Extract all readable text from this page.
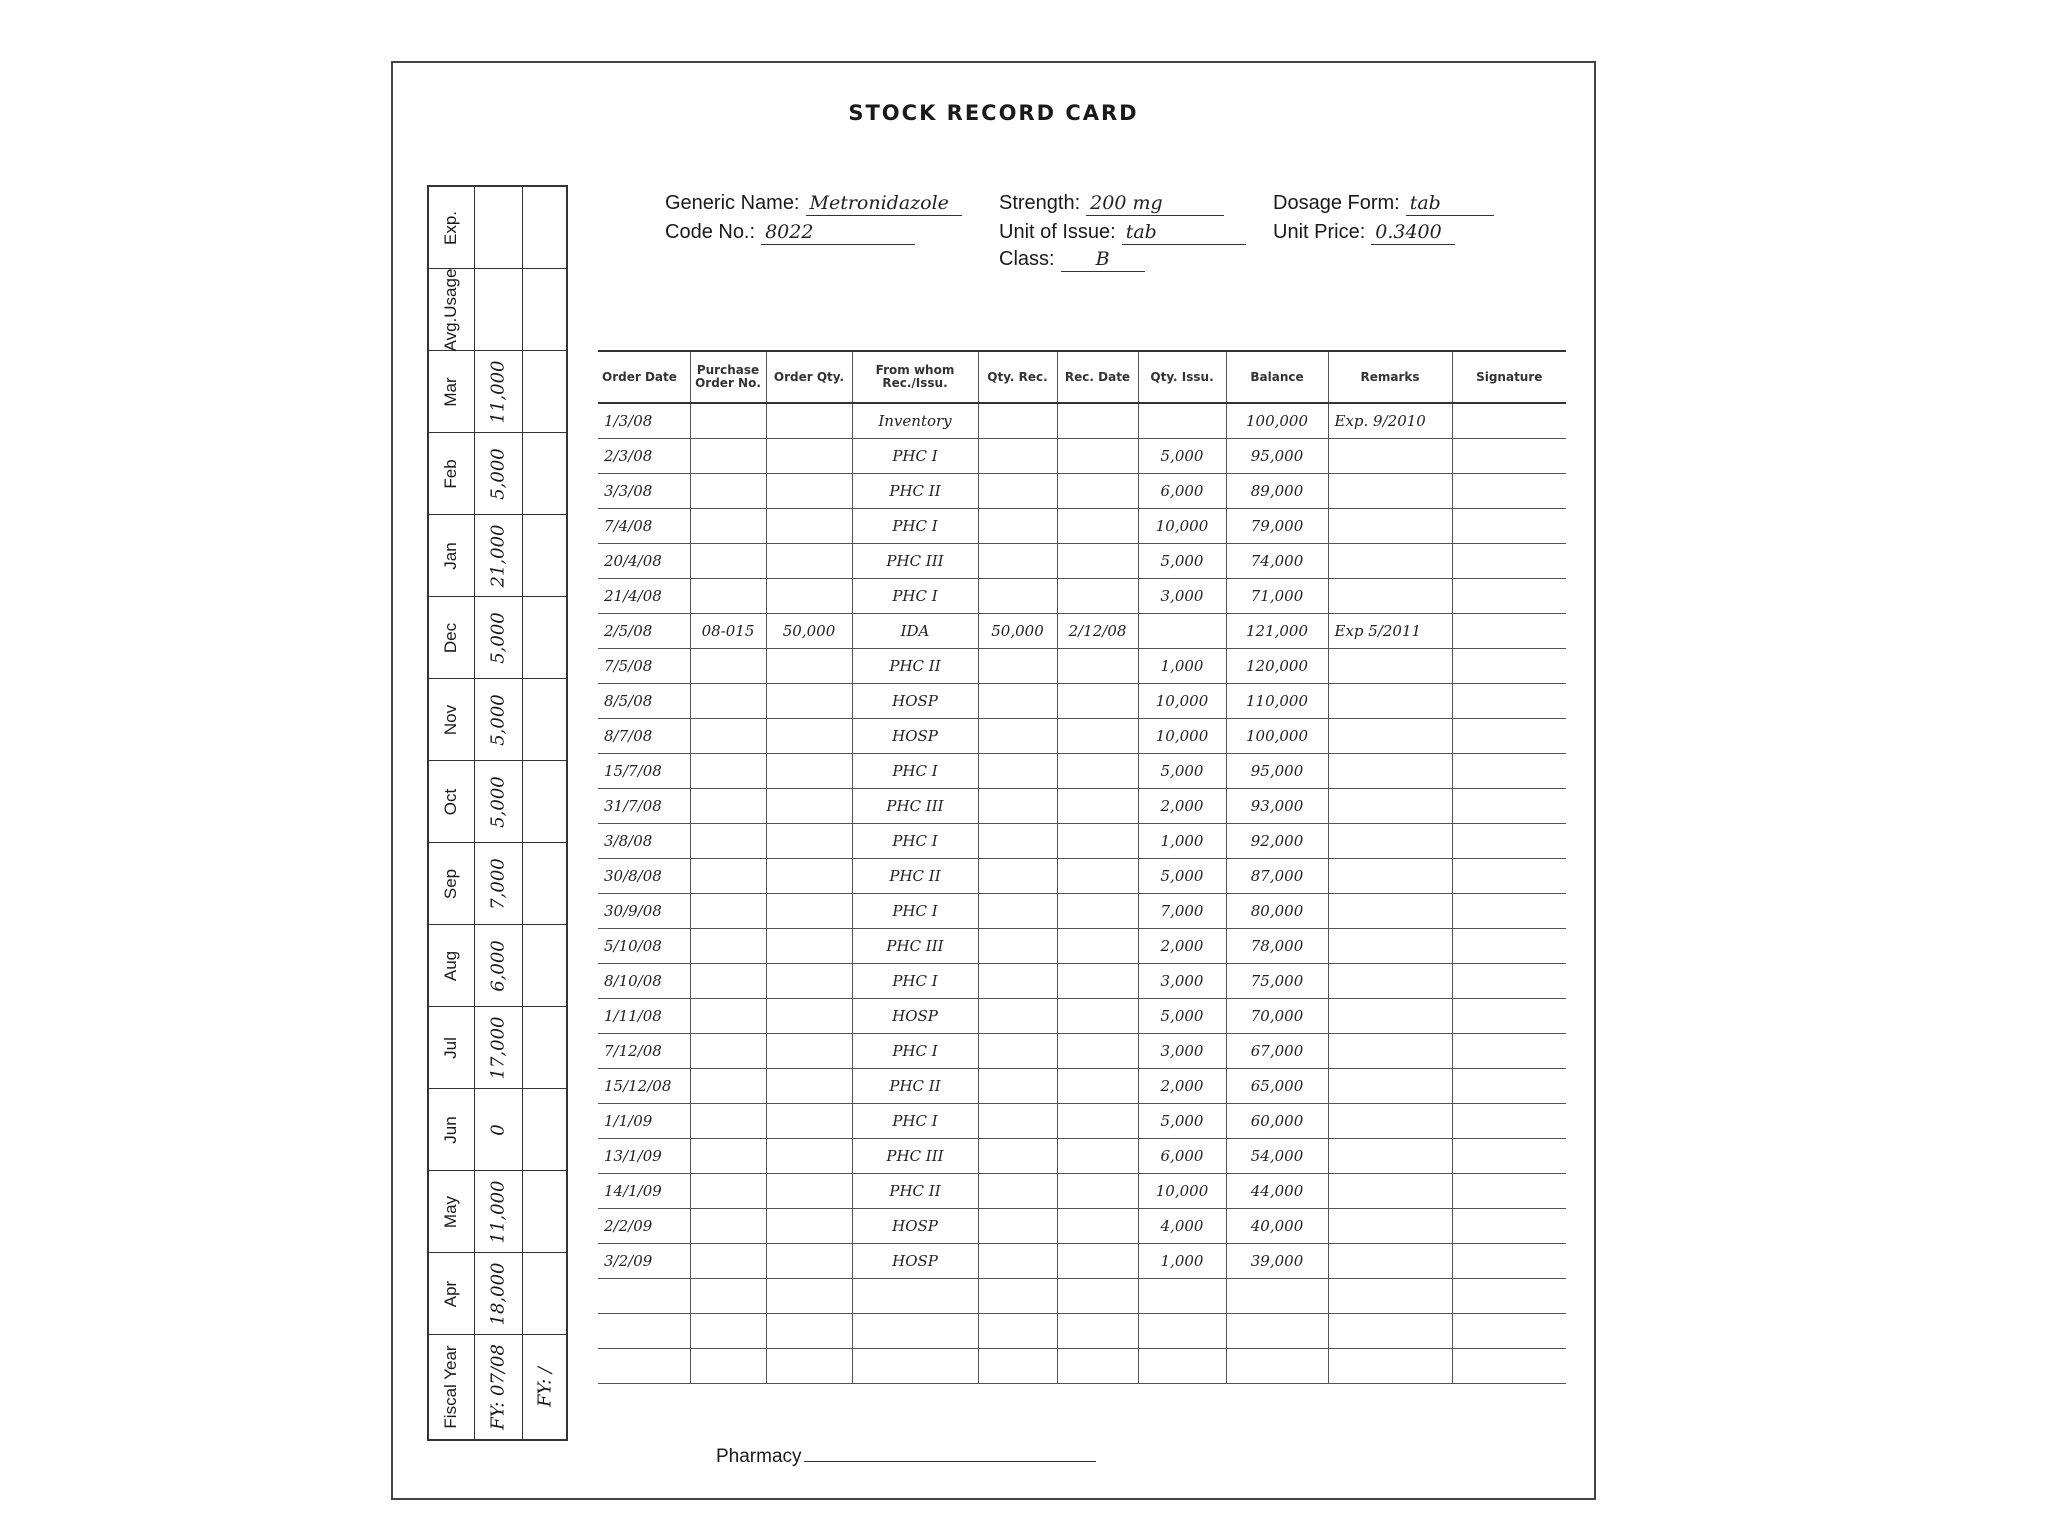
STOCK RECORD CARD
Generic Name: Metronidazole	Strength: 200 mg	Dosage Form: tab
Code No.: 8022	Unit of Issue: tab	Unit Price: 0.3400
Class: B
Exp.
Avg.Usage
Mar 11,000
Feb 5,000
Jan 21,000
Dec 5,000
Nov 5,000
Oct 5,000
Sep 7,000
Aug 6,000
Jul 17,000
Jun 0
May 11,000
Apr 18,000
Fiscal Year FY: 07/08 FY: /
Order Date	Purchase Order No.	Order Qty.	From whom Rec./Issu.	Qty. Rec.	Rec. Date	Qty. Issu.	Balance	Remarks	Signature
1/3/08			Inventory				100,000	Exp. 9/2010	
2/3/08			PHC I			5,000	95,000		
3/3/08			PHC II			6,000	89,000		
7/4/08			PHC I			10,000	79,000		
20/4/08			PHC III			5,000	74,000		
21/4/08			PHC I			3,000	71,000		
2/5/08	08-015	50,000	IDA	50,000	2/12/08		121,000	Exp 5/2011	
7/5/08			PHC II			1,000	120,000		
8/5/08			HOSP			10,000	110,000		
8/7/08			HOSP			10,000	100,000		
15/7/08			PHC I			5,000	95,000		
31/7/08			PHC III			2,000	93,000		
3/8/08			PHC I			1,000	92,000		
30/8/08			PHC II			5,000	87,000		
30/9/08			PHC I			7,000	80,000		
5/10/08			PHC III			2,000	78,000		
8/10/08			PHC I			3,000	75,000		
1/11/08			HOSP			5,000	70,000		
7/12/08			PHC I			3,000	67,000		
15/12/08			PHC II			2,000	65,000		
1/1/09			PHC I			5,000	60,000		
13/1/09			PHC III			6,000	54,000		
14/1/09			PHC II			10,000	44,000		
2/2/09			HOSP			4,000	40,000		
3/2/09			HOSP			1,000	39,000		

Pharmacy
